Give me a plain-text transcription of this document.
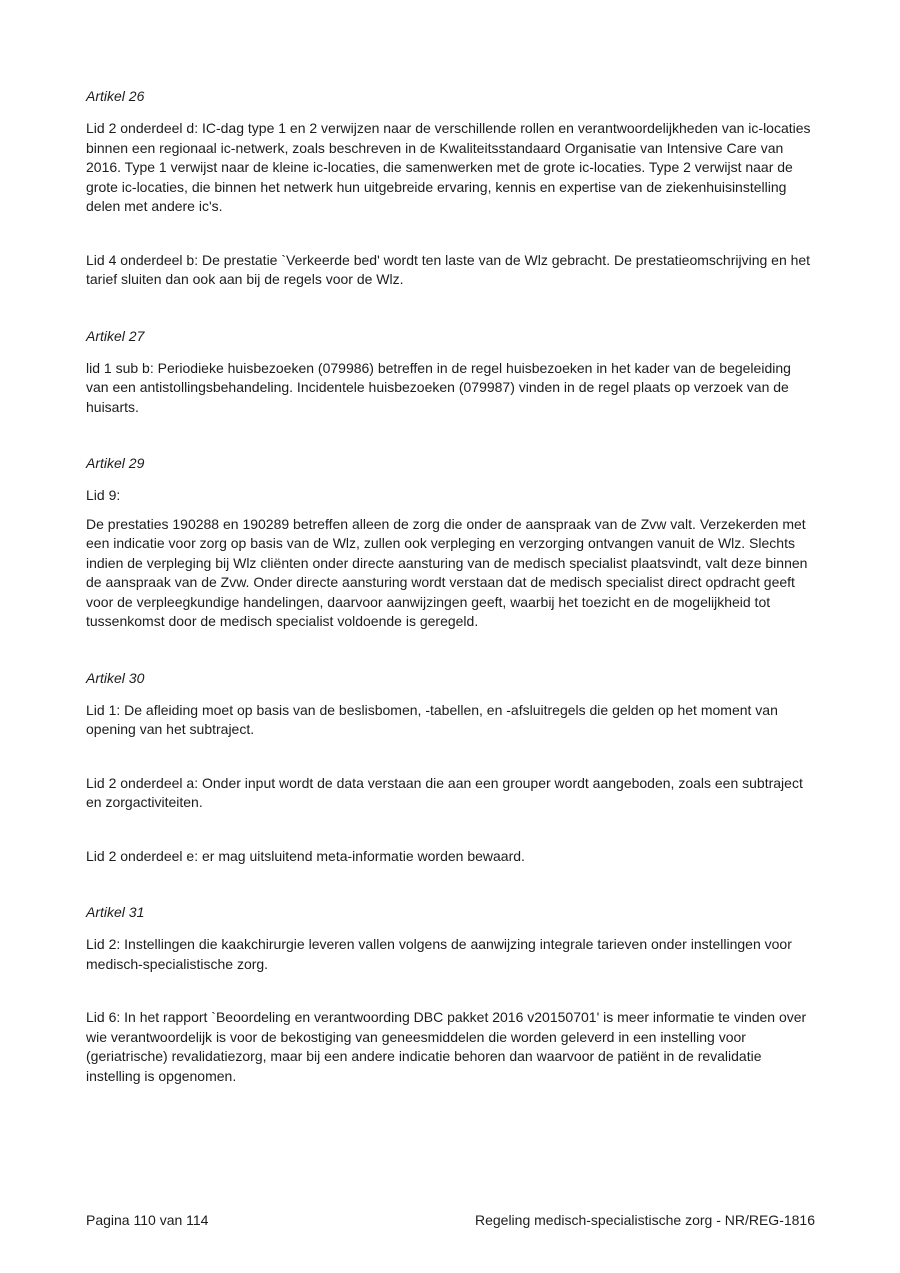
Artikel 26

Lid 2 onderdeel d: IC-dag type 1 en 2 verwijzen naar de verschillende rollen en verantwoordelijkheden van ic-locaties binnen een regionaal ic-netwerk, zoals beschreven in de Kwaliteitsstandaard Organisatie van Intensive Care van 2016. Type 1 verwijst naar de kleine ic-locaties, die samenwerken met de grote ic-locaties. Type 2 verwijst naar de grote ic-locaties, die binnen het netwerk hun uitgebreide ervaring, kennis en expertise van de ziekenhuisinstelling delen met andere ic's.

Lid 4 onderdeel b: De prestatie `Verkeerde bed' wordt ten laste van de Wlz gebracht. De prestatieomschrijving en het tarief sluiten dan ook aan bij de regels voor de Wlz.

Artikel 27

lid 1 sub b: Periodieke huisbezoeken (079986) betreffen in de regel huisbezoeken in het kader van de begeleiding van een antistollingsbehandeling. Incidentele huisbezoeken (079987) vinden in de regel plaats op verzoek van de huisarts.

Artikel 29

Lid 9:

De prestaties 190288 en 190289 betreffen alleen de zorg die onder de aanspraak van de Zvw valt. Verzekerden met een indicatie voor zorg op basis van de Wlz, zullen ook verpleging en verzorging ontvangen vanuit de Wlz. Slechts indien de verpleging bij Wlz cliënten onder directe aansturing van de medisch specialist plaatsvindt, valt deze binnen de aanspraak van de Zvw. Onder directe aansturing wordt verstaan dat de medisch specialist direct opdracht geeft voor de verpleegkundige handelingen, daarvoor aanwijzingen geeft, waarbij het toezicht en de mogelijkheid tot tussenkomst door de medisch specialist voldoende is geregeld.

Artikel 30

Lid 1: De afleiding moet op basis van de beslisbomen, -tabellen, en -afsluitregels die gelden op het moment van opening van het subtraject.

Lid 2 onderdeel a: Onder input wordt de data verstaan die aan een grouper wordt aangeboden, zoals een subtraject en zorgactiviteiten.

Lid 2 onderdeel e: er mag uitsluitend meta-informatie worden bewaard.

Artikel 31

Lid 2: Instellingen die kaakchirurgie leveren vallen volgens de aanwijzing integrale tarieven onder instellingen voor medisch-specialistische zorg.

Lid 6: In het rapport `Beoordeling en verantwoording DBC pakket 2016 v20150701' is meer informatie te vinden over wie verantwoordelijk is voor de bekostiging van geneesmiddelen die worden geleverd in een instelling voor (geriatrische) revalidatiezorg, maar bij een andere indicatie behoren dan waarvoor de patiënt in de revalidatie instelling is opgenomen.

Pagina 110 van 114	Regeling medisch-specialistische zorg - NR/REG-1816
